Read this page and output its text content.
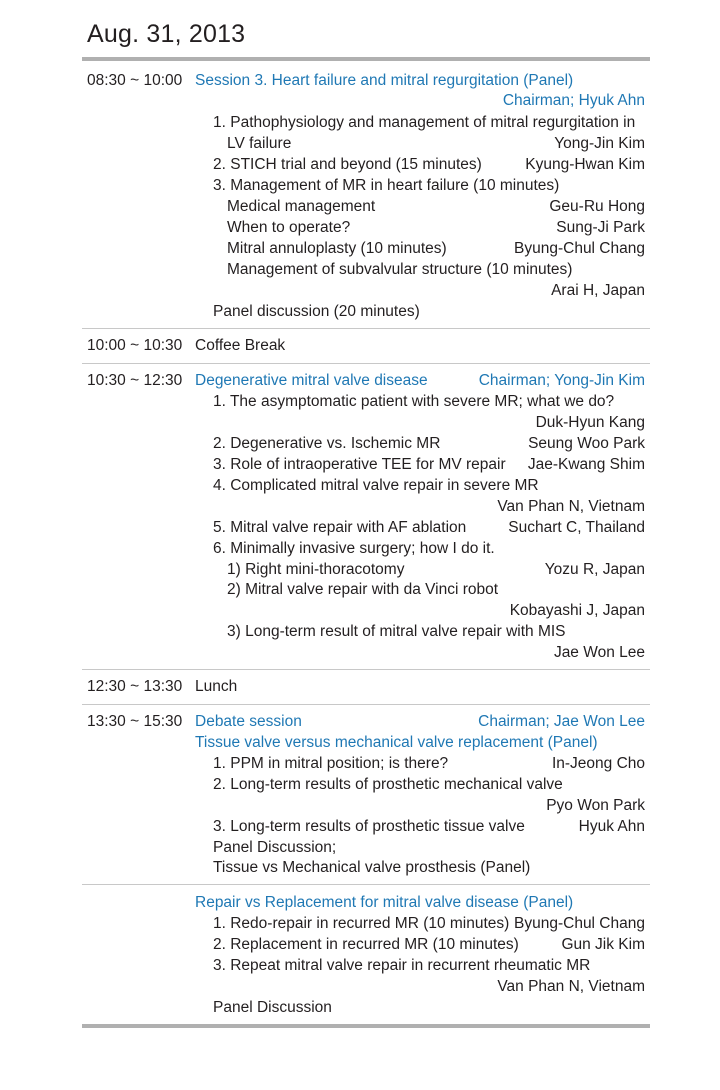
Aug. 31, 2013
08:30 ~ 10:00 Session 3. Heart failure and mitral regurgitation (Panel)
Chairman; Hyuk Ahn
1. Pathophysiology and management of mitral regurgitation in
LV failure	Yong-Jin Kim
2. STICH trial and beyond (15 minutes)	Kyung-Hwan Kim
3. Management of MR in heart failure (10 minutes)
Medical management	Geu-Ru Hong
When to operate?	Sung-Ji Park
Mitral annuloplasty (10 minutes)	Byung-Chul Chang
Management of subvalvular structure (10 minutes)
Arai H, Japan
Panel discussion (20 minutes)
10:00 ~ 10:30 Coffee Break
10:30 ~ 12:30 Degenerative mitral valve disease	Chairman; Yong-Jin Kim
1. The asymptomatic patient with severe MR; what we do?
Duk-Hyun Kang
2. Degenerative vs. Ischemic MR	Seung Woo Park
3. Role of intraoperative TEE for MV repair Jae-Kwang Shim
4. Complicated mitral valve repair in severe MR
Van Phan N, Vietnam
5. Mitral valve repair with AF ablation	Suchart C, Thailand
6. Minimally invasive surgery; how I do it.
1) Right mini-thoracotomy	Yozu R, Japan
2) Mitral valve repair with da Vinci robot
Kobayashi J, Japan
3) Long-term result of mitral valve repair with MIS
Jae Won Lee
12:30 ~ 13:30 Lunch
13:30 ~ 15:30 Debate session	Chairman; Jae Won Lee
Tissue valve versus mechanical valve replacement (Panel)
1. PPM in mitral position; is there?	In-Jeong Cho
2. Long-term results of prosthetic mechanical valve
Pyo Won Park
3. Long-term results of prosthetic tissue valve	Hyuk Ahn
Panel Discussion;
Tissue vs Mechanical valve prosthesis (Panel)
Repair vs Replacement for mitral valve disease (Panel)
1. Redo-repair in recurred MR (10 minutes) Byung-Chul Chang
2. Replacement in recurred MR (10 minutes)	Gun Jik Kim
3. Repeat mitral valve repair in recurrent rheumatic MR
Van Phan N, Vietnam
Panel Discussion
